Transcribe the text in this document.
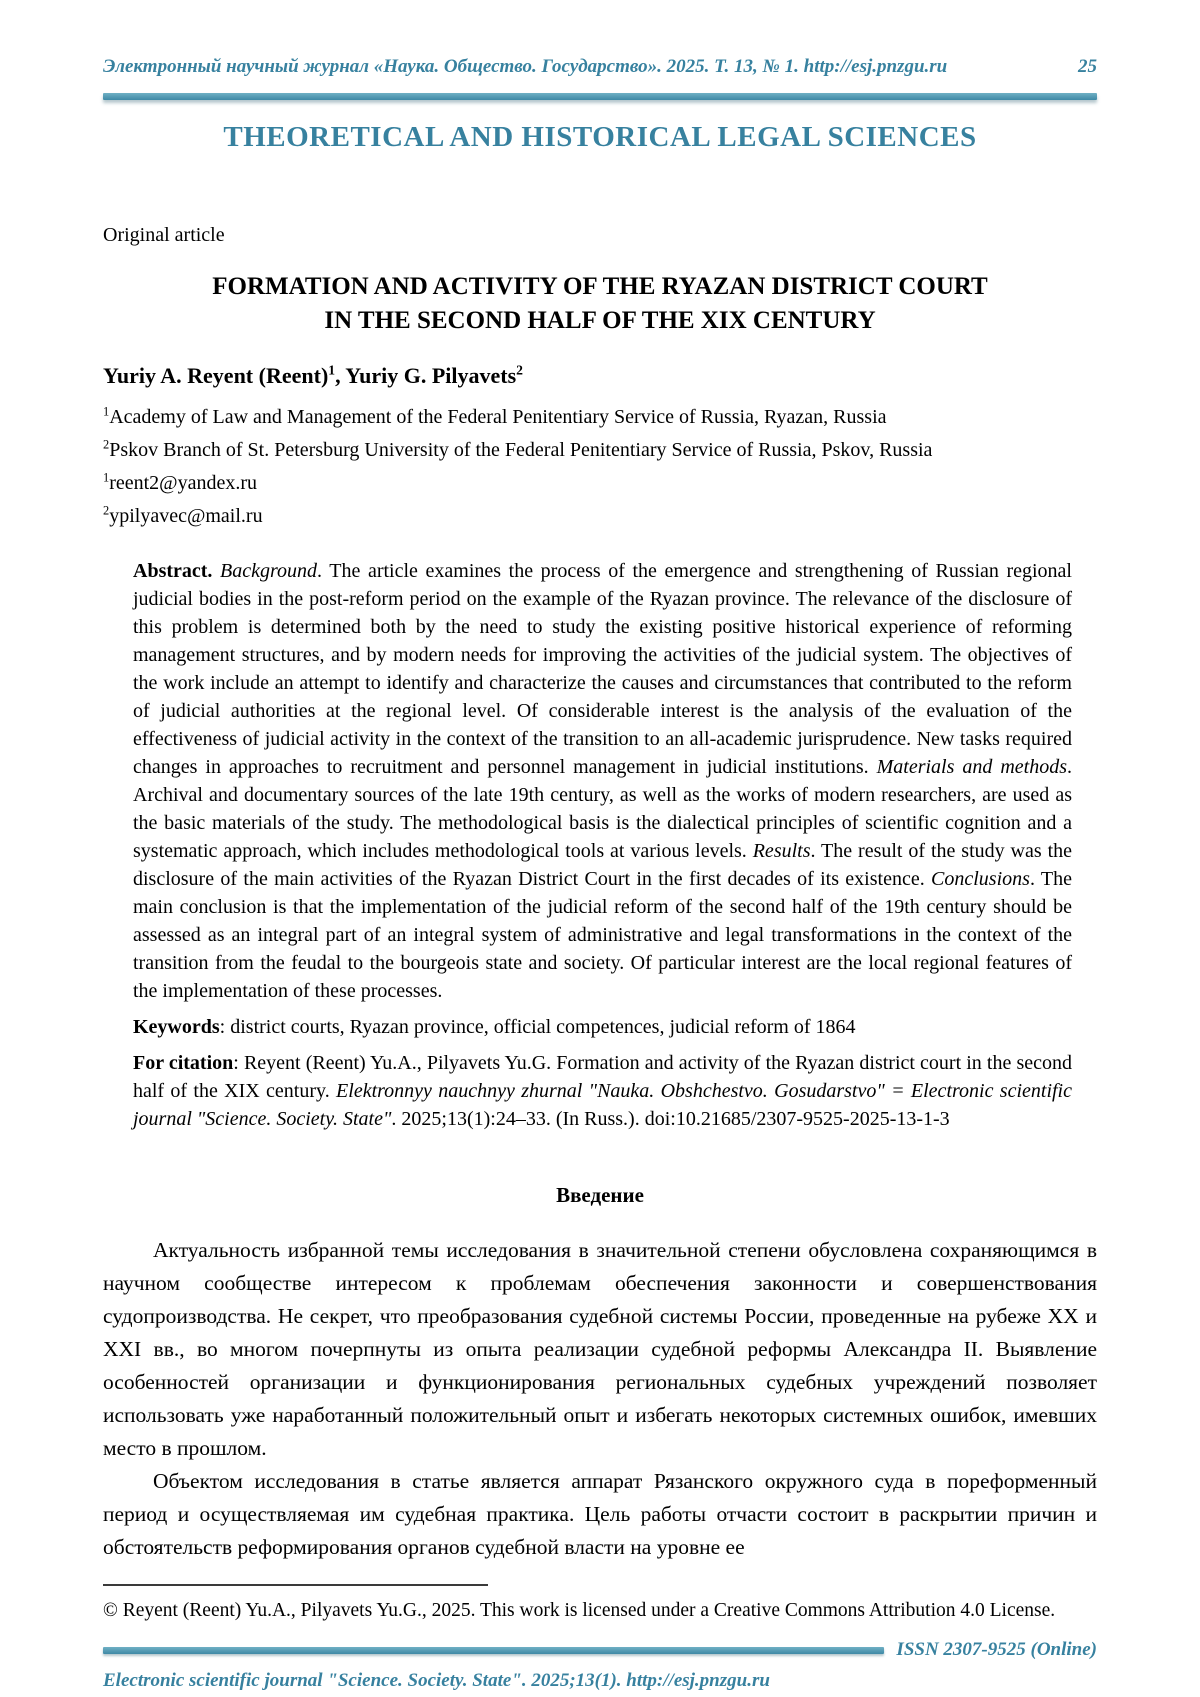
Электронный научный журнал «Наука. Общество. Государство». 2025. Т. 13, № 1. http://esj.pnzgu.ru	25
THEORETICAL AND HISTORICAL LEGAL SCIENCES

Original article

FORMATION AND ACTIVITY OF THE RYAZAN DISTRICT COURT
IN THE SECOND HALF OF THE XIX CENTURY

Yuriy A. Reyent (Reent)$^1$, Yuriy G. Pilyavets$^2$

$^1$Academy of Law and Management of the Federal Penitentiary Service of Russia, Ryazan, Russia

$^2$Pskov Branch of St. Petersburg University of the Federal Penitentiary Service of Russia, Pskov, Russia

$^1$reent2@yandex.ru

$^2$ypilyavec@mail.ru

Abstract. Background. The article examines the process of the emergence and strengthening of Russian regional judicial bodies in the post-reform period on the example of the Ryazan province. The relevance of the disclosure of this problem is determined both by the need to study the existing positive historical experience of reforming management structures, and by modern needs for improving the activities of the judicial system. The objectives of the work include an attempt to identify and characterize the causes and circumstances that contributed to the reform of judicial authorities at the regional level. Of considerable interest is the analysis of the evaluation of the effectiveness of judicial activity in the context of the transition to an all-academic jurisprudence. New tasks required changes in approaches to recruitment and personnel management in judicial institutions. Materials and methods. Archival and documentary sources of the late 19th century, as well as the works of modern researchers, are used as the basic materials of the study. The methodological basis is the dialectical principles of scientific cognition and a systematic approach, which includes methodological tools at various levels. Results. The result of the study was the disclosure of the main activities of the Ryazan District Court in the first decades of its existence. Conclusions. The main conclusion is that the implementation of the judicial reform of the second half of the 19th century should be assessed as an integral part of an integral system of administrative and legal transformations in the context of the transition from the feudal to the bourgeois state and society. Of particular interest are the local regional features of the implementation of these processes.

Keywords: district courts, Ryazan province, official competences, judicial reform of 1864

For citation: Reyent (Reent) Yu.A., Pilyavets Yu.G. Formation and activity of the Ryazan district court in the second half of the XIX century. Elektronnyy nauchnyy zhurnal "Nauka. Obshchestvo. Gosudarstvo" = Electronic scientific journal "Science. Society. State". 2025;13(1):24–33. (In Russ.). doi:10.21685/2307-9525-2025-13-1-3

Введение

Актуальность избранной темы исследования в значительной степени обусловлена сохраняющимся в научном сообществе интересом к проблемам обеспечения законности и совершенствования судопроизводства. Не секрет, что преобразования судебной системы России, проведенные на рубеже XX и XXI вв., во многом почерпнуты из опыта реализации судебной реформы Александра II. Выявление особенностей организации и функционирования региональных судебных учреждений позволяет использовать уже наработанный положительный опыт и избегать некоторых системных ошибок, имевших место в прошлом.

Объектом исследования в статье является аппарат Рязанского окружного суда в пореформенный период и осуществляемая им судебная практика. Цель работы отчасти состоит в раскрытии причин и обстоятельств реформирования органов судебной власти на уровне ее

© Reyent (Reent) Yu.A., Pilyavets Yu.G., 2025. This work is licensed under a Creative Commons Attribution 4.0 License.

ISSN 2307-9525 (Online)
Electronic scientific journal "Science. Society. State". 2025;13(1). http://esj.pnzgu.ru
